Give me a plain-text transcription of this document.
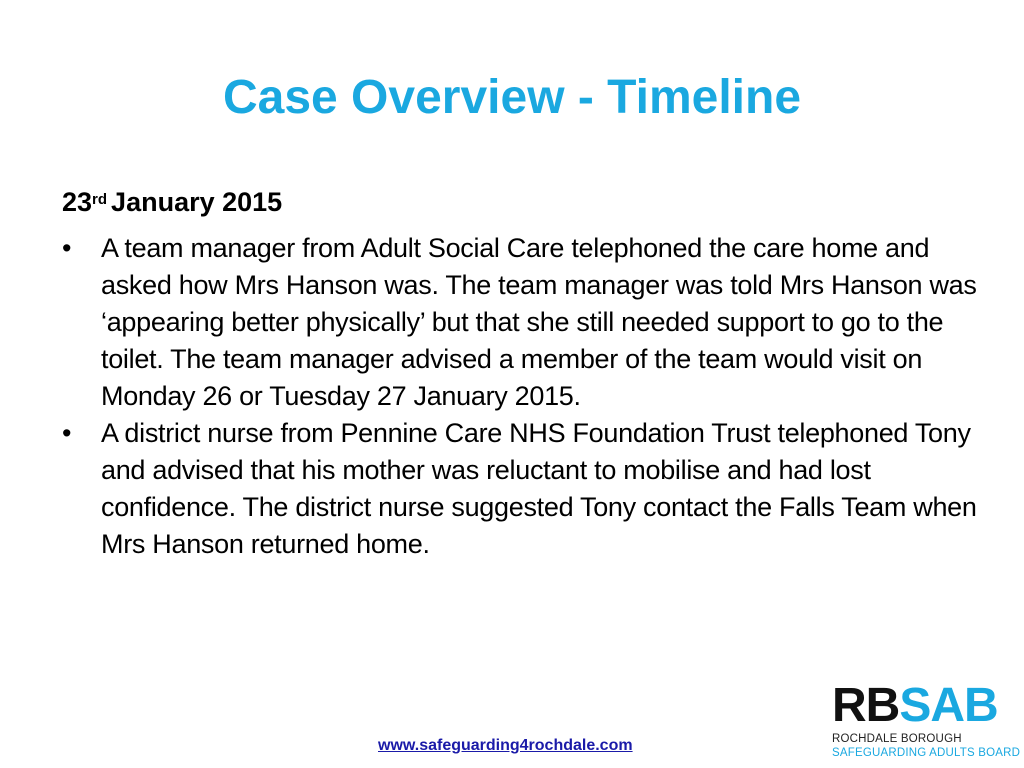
Case Overview - Timeline
23rd January 2015
•	A team manager from Adult Social Care telephoned the care home and asked how Mrs Hanson was. The team manager was told Mrs Hanson was ‘appearing better physically’ but that she still needed support to go to the toilet. The team manager advised a member of the team would visit on Monday 26 or Tuesday 27 January 2015.
•	A district nurse from Pennine Care NHS Foundation Trust telephoned Tony and advised that his mother was reluctant to mobilise and had lost confidence. The district nurse suggested Tony contact the Falls Team when Mrs Hanson returned home.
www.safeguarding4rochdale.com
RBSAB
ROCHDALE BOROUGH
SAFEGUARDING ADULTS BOARD
